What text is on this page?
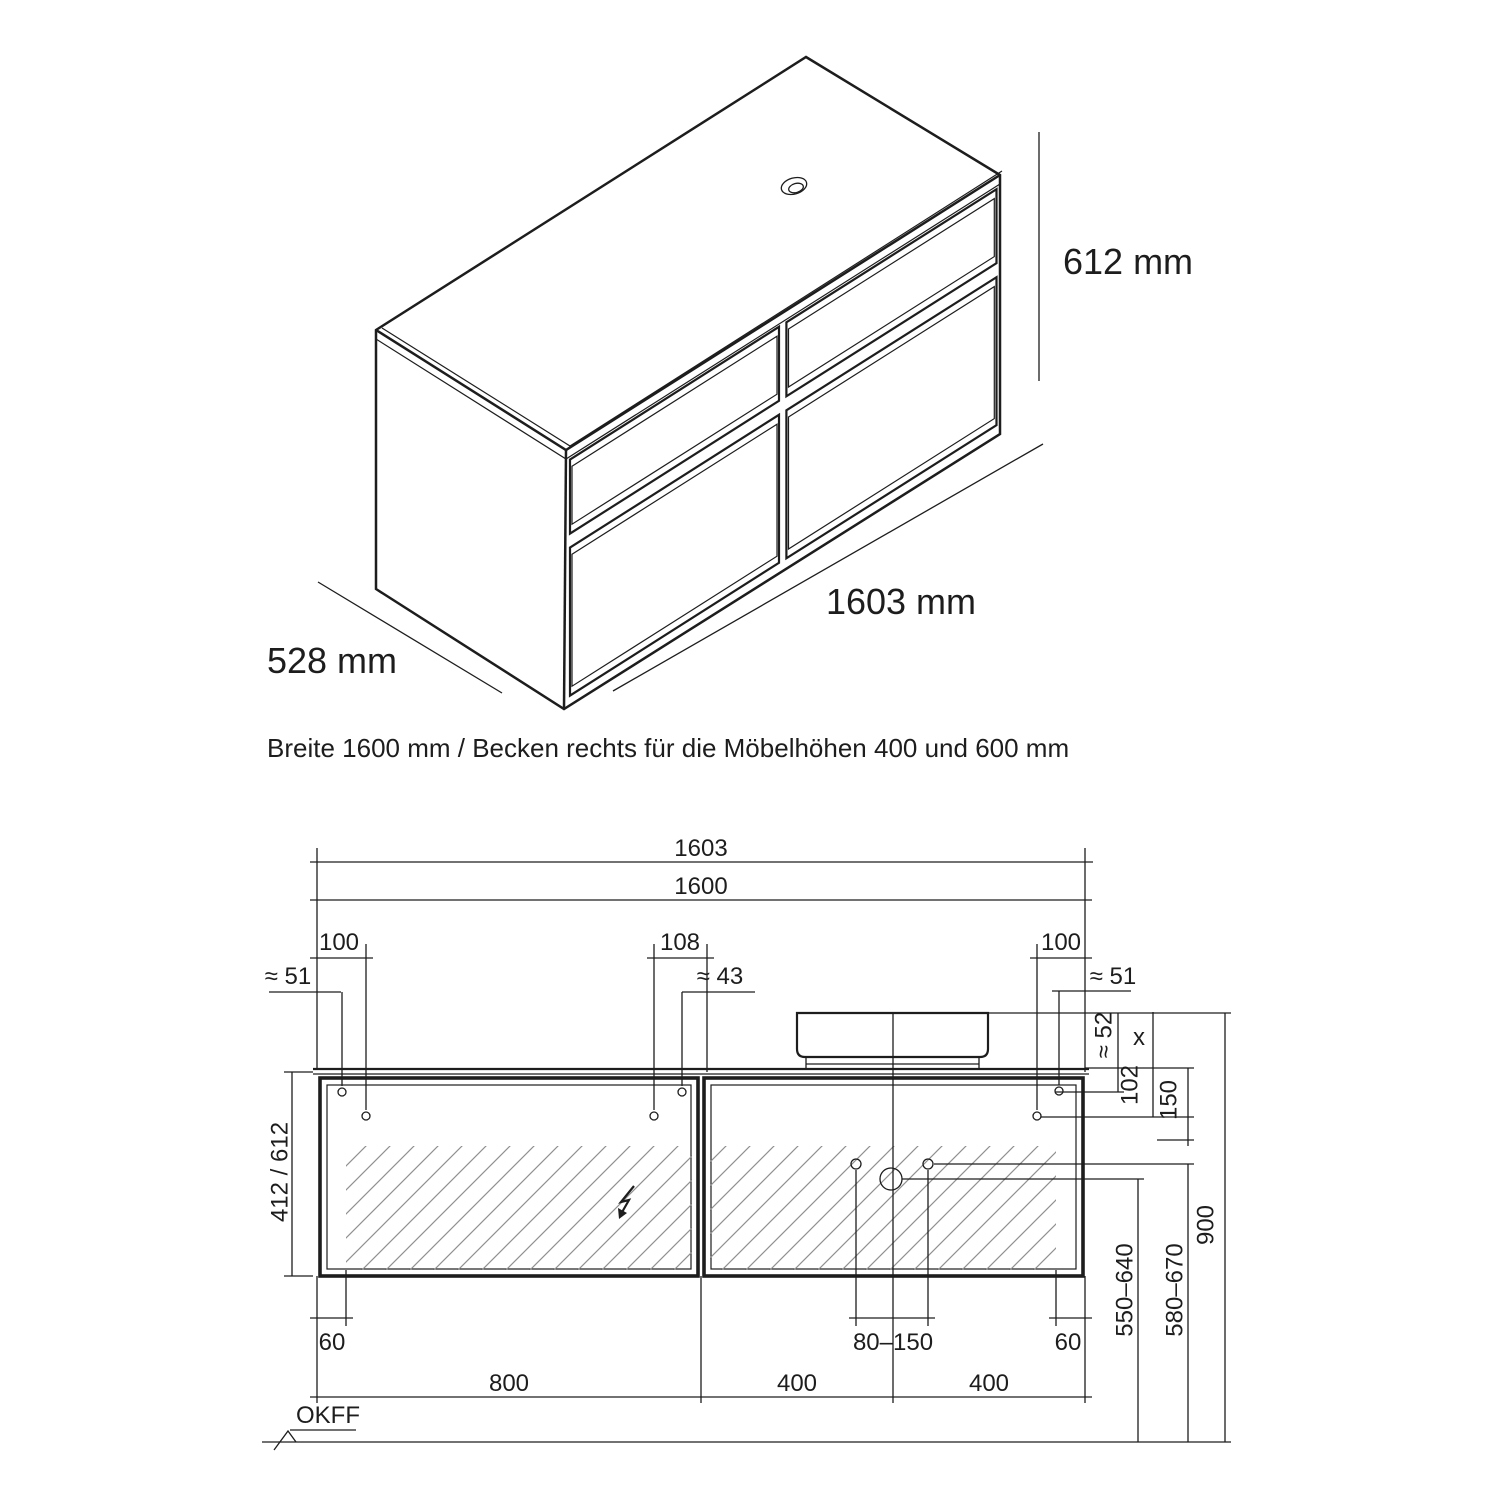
612 mm
1603 mm
528 mm
Breite 1600 mm / Becken rechts für die Möbelhöhen 400 und 600 mm
1603
1600
100	108	100
≈ 51	≈ 43	≈ 51
≈ 52 x
102 150
412 / 612
900
550–640 580–670
60	80–150	60
800	400	400
OKFF
